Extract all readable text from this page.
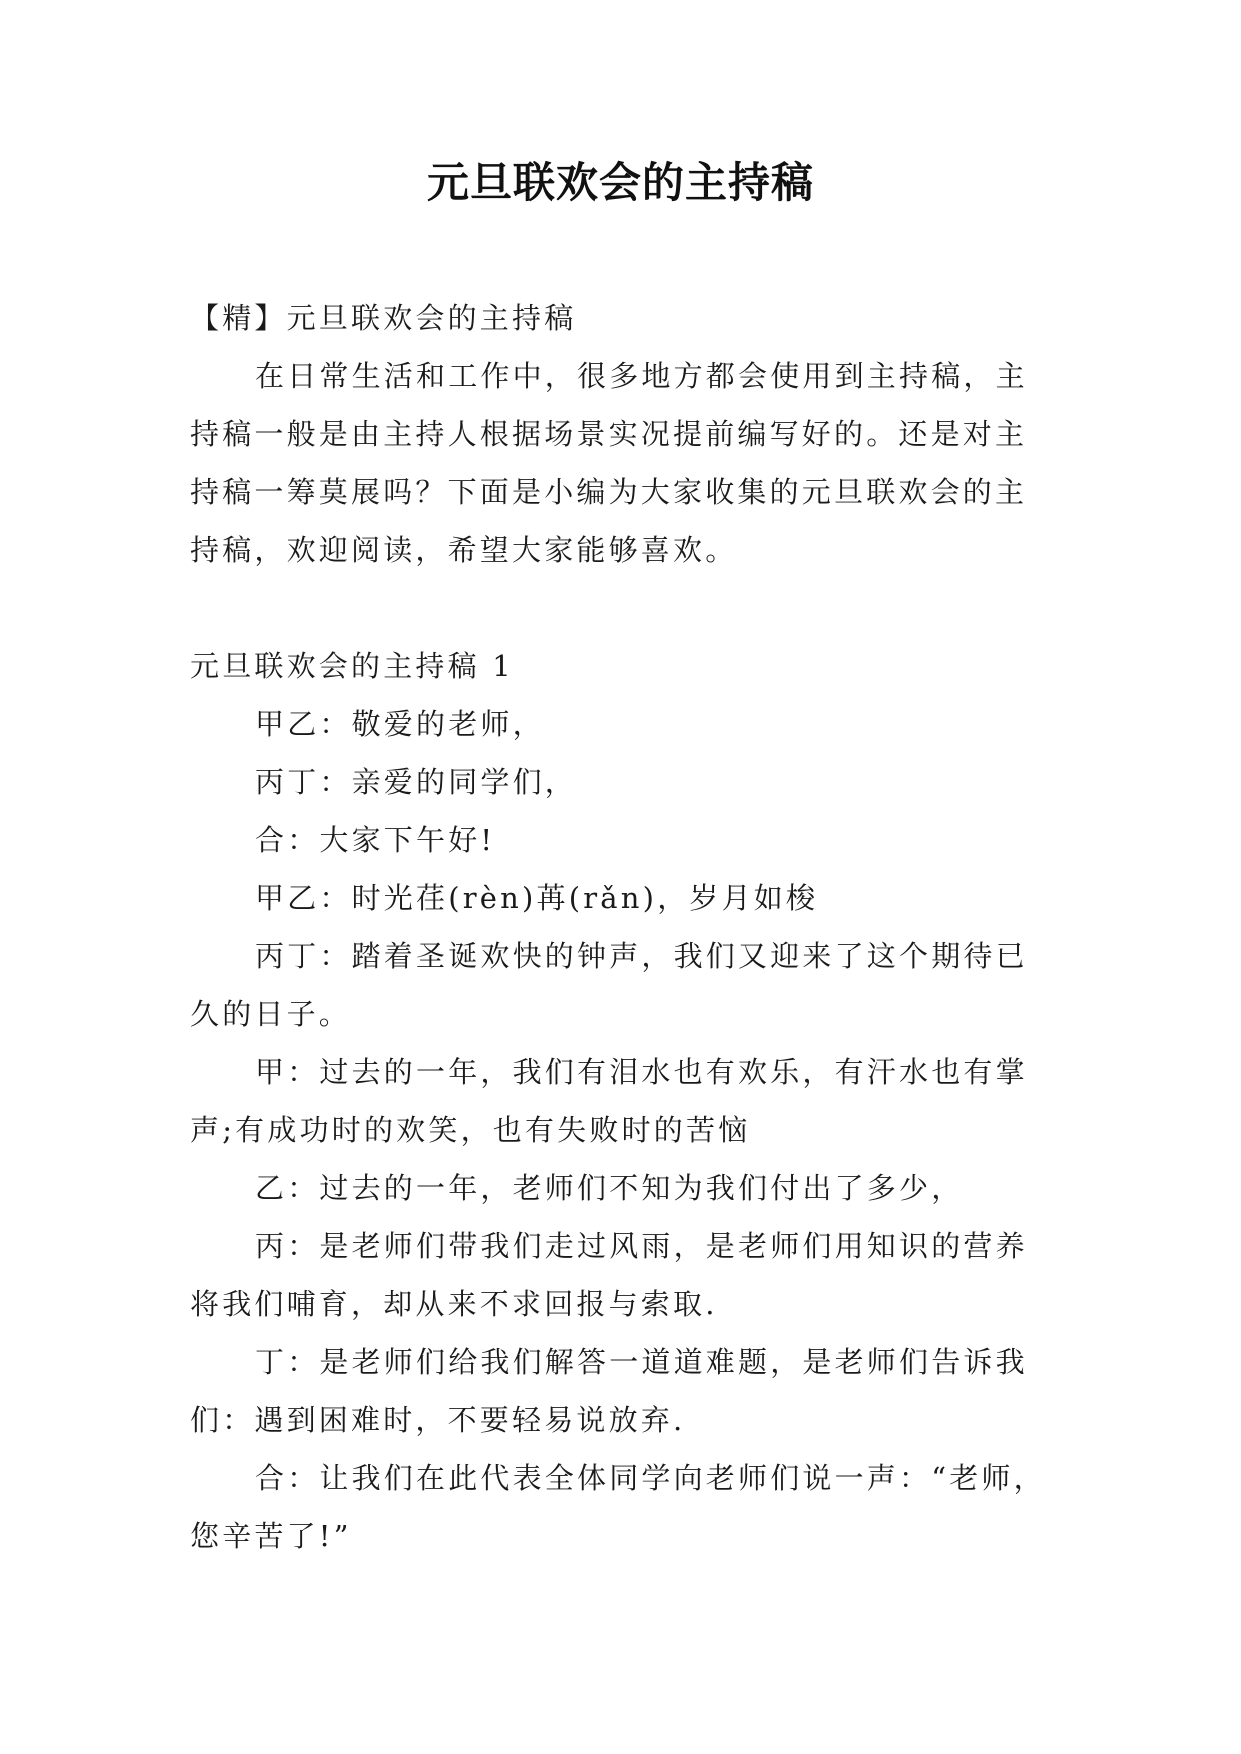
元旦联欢会的主持稿

【精】元旦联欢会的主持稿

在日常生活和工作中，很多地方都会使用到主持稿，主持稿一般是由主持人根据场景实况提前编写好的。还是对主持稿一筹莫展吗？下面是小编为大家收集的元旦联欢会的主持稿，欢迎阅读，希望大家能够喜欢。

元旦联欢会的主持稿 1

甲乙：敬爱的老师，

丙丁：亲爱的同学们，

合：大家下午好!

甲乙：时光荏(rèn)苒(rǎn)，岁月如梭

丙丁：踏着圣诞欢快的钟声，我们又迎来了这个期待已久的日子。

甲：过去的一年，我们有泪水也有欢乐，有汗水也有掌声;有成功时的欢笑，也有失败时的苦恼

乙：过去的一年，老师们不知为我们付出了多少，

丙：是老师们带我们走过风雨，是老师们用知识的营养将我们哺育，却从来不求回报与索取.

丁：是老师们给我们解答一道道难题，是老师们告诉我们：遇到困难时，不要轻易说放弃.

合：让我们在此代表全体同学向老师们说一声：“老师，您辛苦了!”
